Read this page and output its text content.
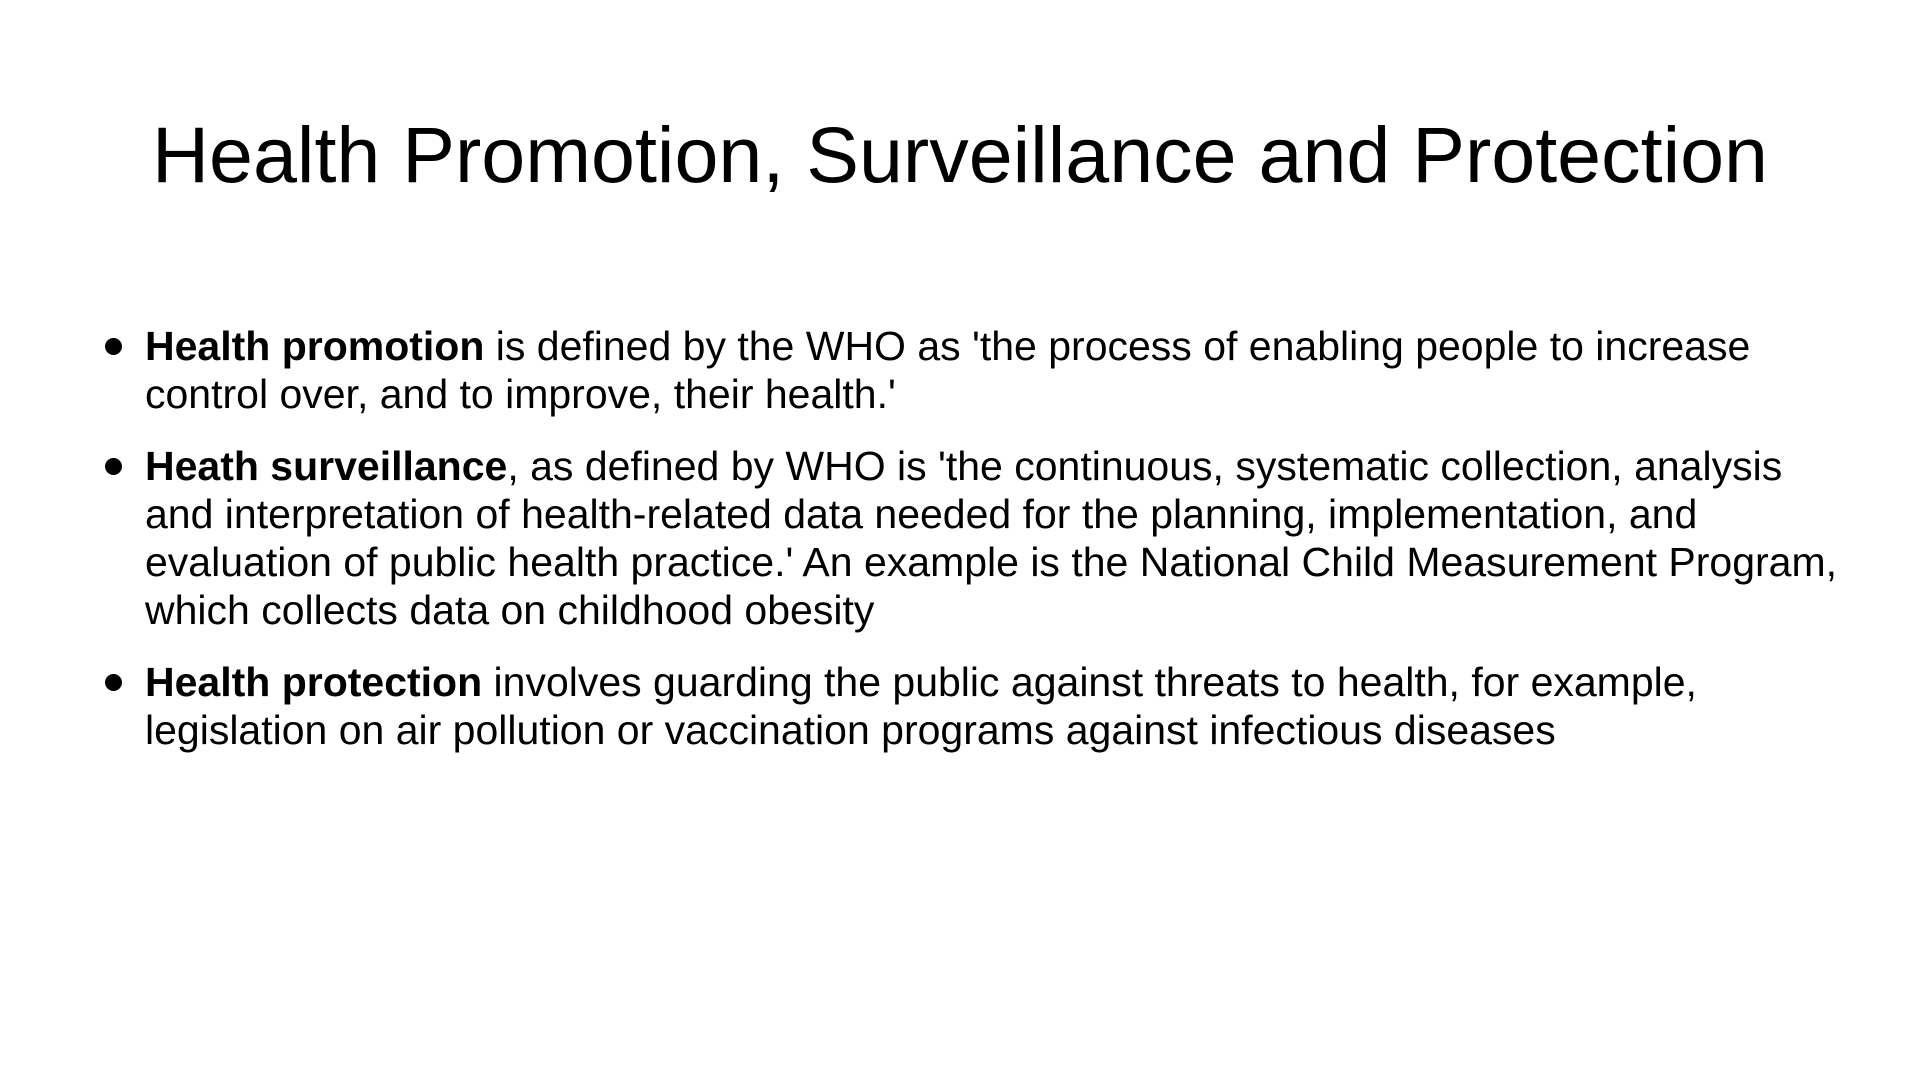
Health Promotion, Surveillance and Protection
Health promotion is defined by the WHO as 'the process of enabling people to increase control over, and to improve, their health.'
Heath surveillance, as defined by WHO is 'the continuous, systematic collection, analysis and interpretation of health-related data needed for the planning, implementation, and evaluation of public health practice.' An example is the National Child Measurement Program, which collects data on childhood obesity
Health protection involves guarding the public against threats to health, for example, legislation on air pollution or vaccination programs against infectious diseases
